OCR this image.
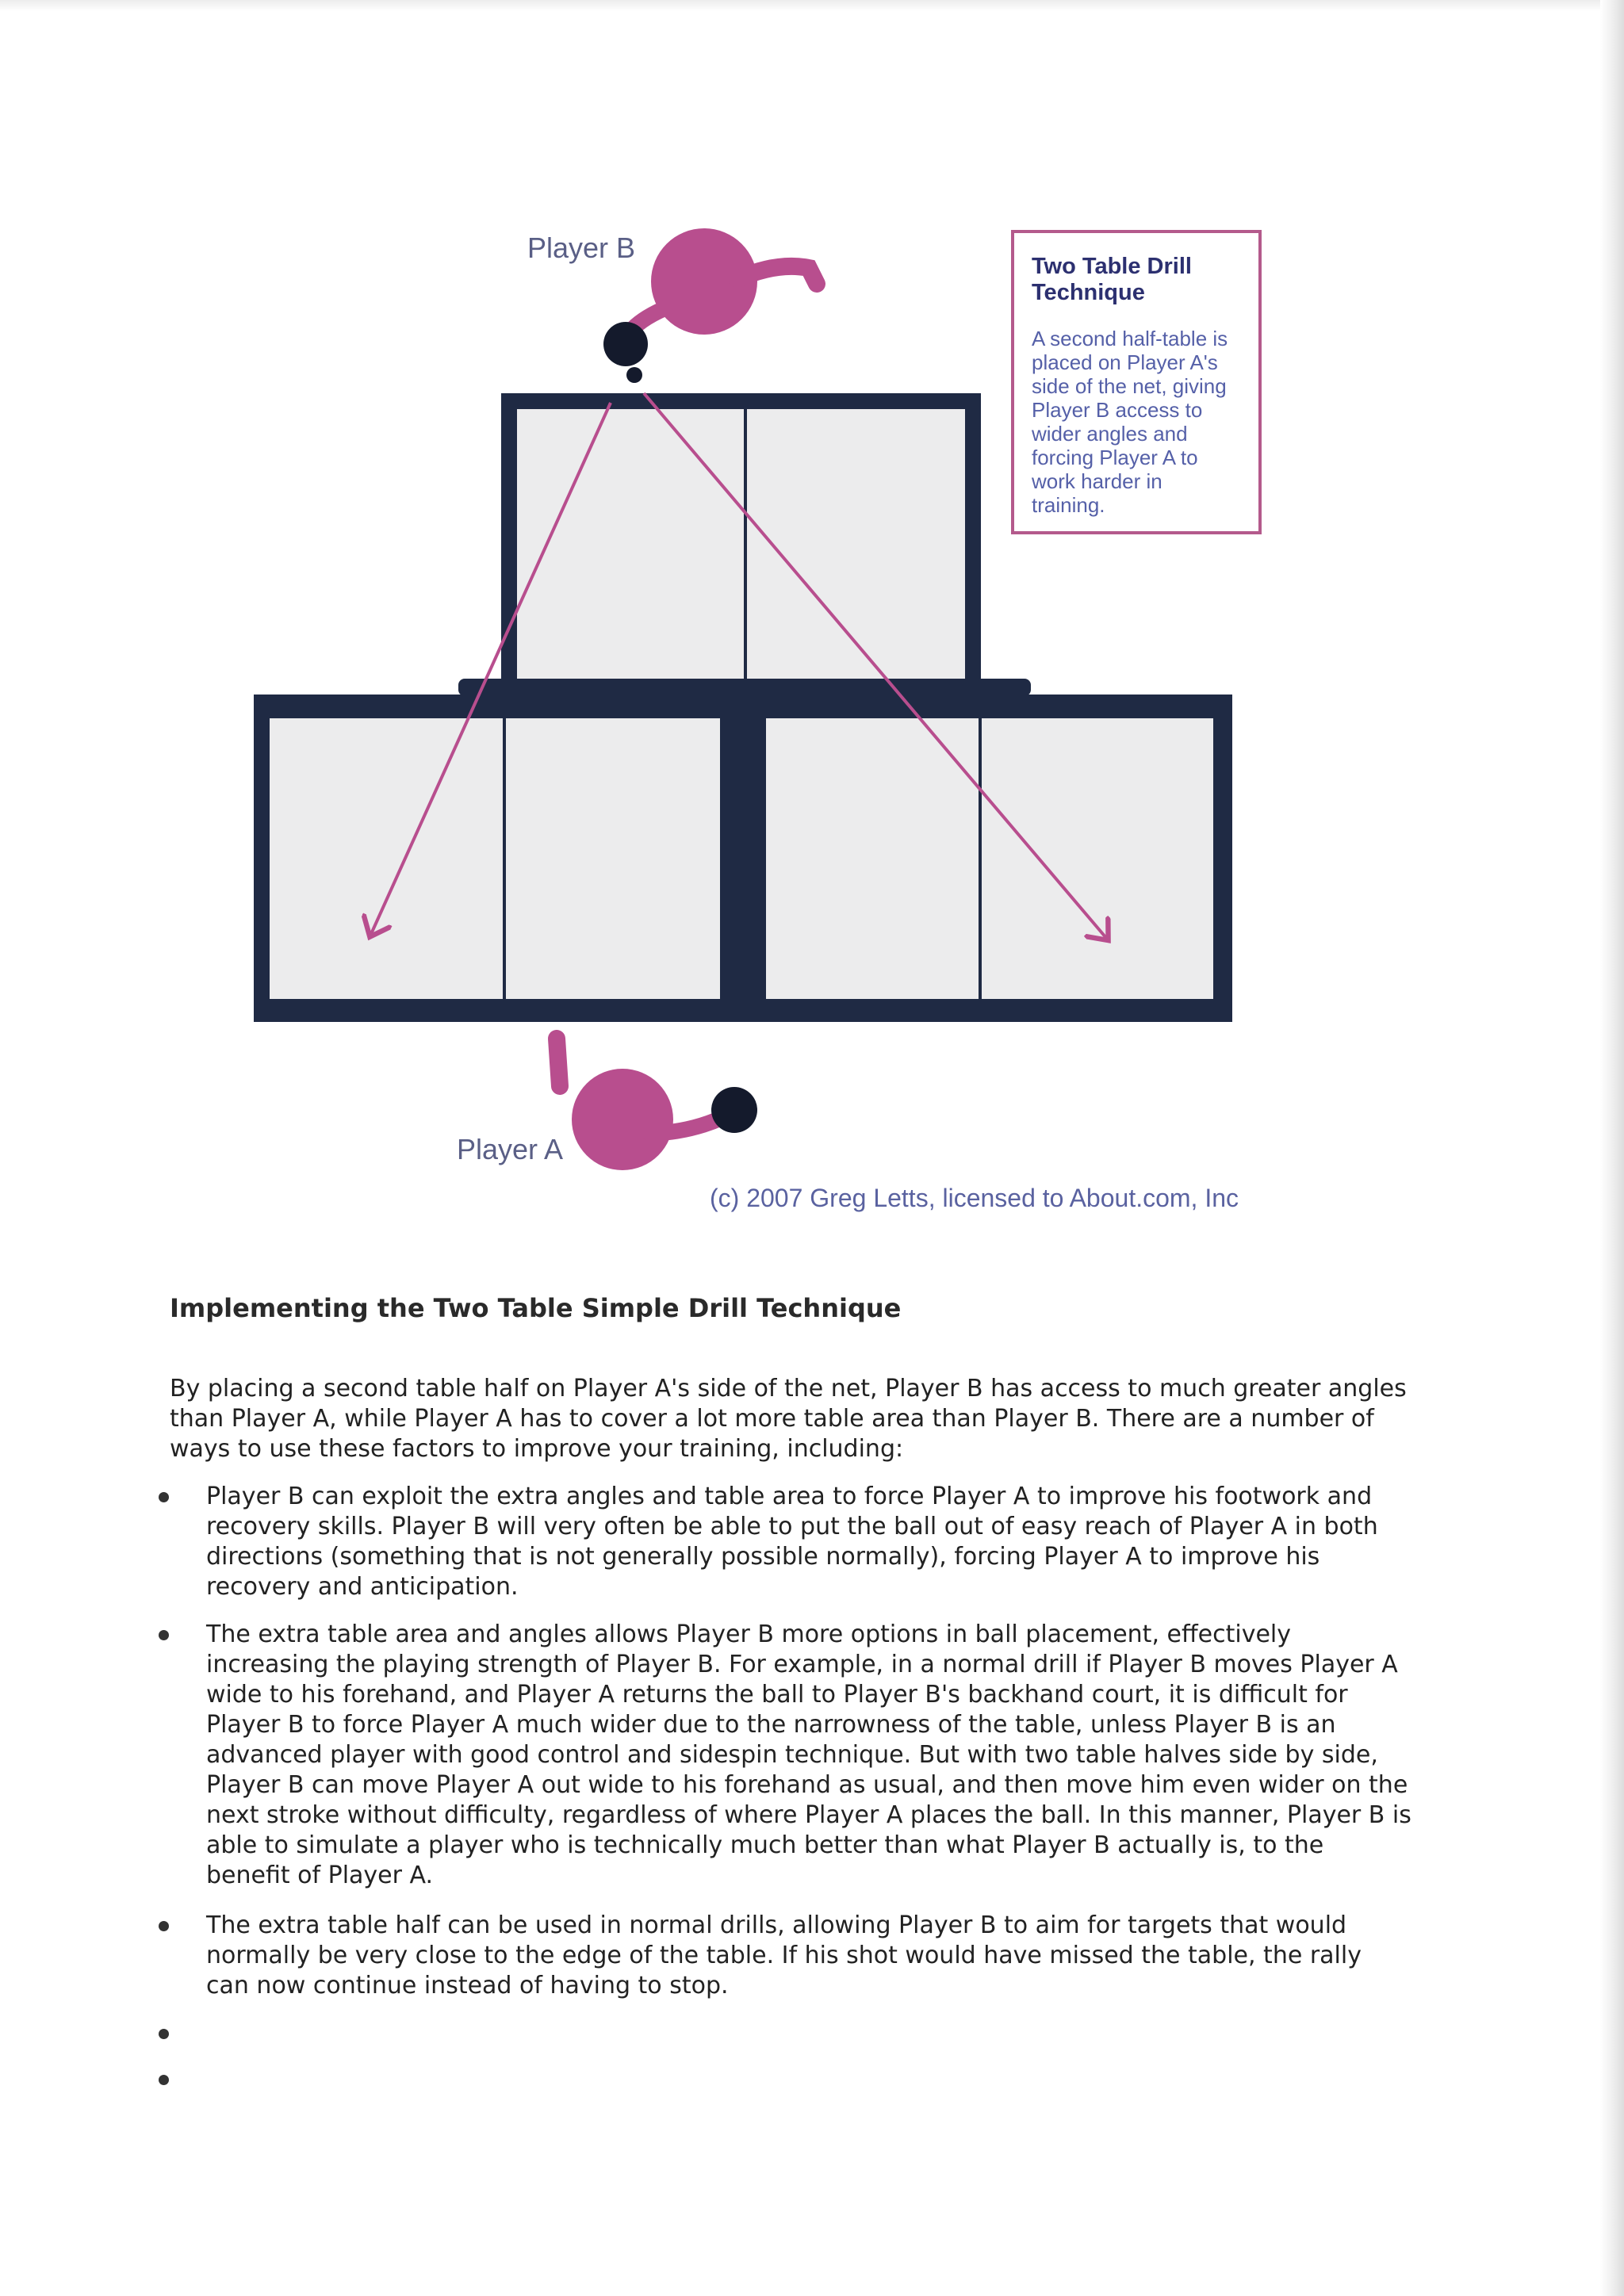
Player B
Player A

Two Table Drill Technique

A second half-table is placed on Player A's side of the net, giving Player B access to wider angles and forcing Player A to work harder in training.

(c) 2007 Greg Letts, licensed to About.com, Inc
Implementing the Two Table Simple Drill Technique

By placing a second table half on Player A's side of the net, Player B has access to much greater angles than Player A, while Player A has to cover a lot more table area than Player B. There are a number of ways to use these factors to improve your training, including:

Player B can exploit the extra angles and table area to force Player A to improve his footwork and recovery skills. Player B will very often be able to put the ball out of easy reach of Player A in both directions (something that is not generally possible normally), forcing Player A to improve his recovery and anticipation.
The extra table area and angles allows Player B more options in ball placement, effectively increasing the playing strength of Player B. For example, in a normal drill if Player B moves Player A wide to his forehand, and Player A returns the ball to Player B's backhand court, it is difficult for Player B to force Player A much wider due to the narrowness of the table, unless Player B is an advanced player with good control and sidespin technique. But with two table halves side by side, Player B can move Player A out wide to his forehand as usual, and then move him even wider on the next stroke without difficulty, regardless of where Player A places the ball. In this manner, Player B is able to simulate a player who is technically much better than what Player B actually is, to the benefit of Player A.
The extra table half can be used in normal drills, allowing Player B to aim for targets that would normally be very close to the edge of the table. If his shot would have missed the table, the rally can now continue instead of having to stop.
